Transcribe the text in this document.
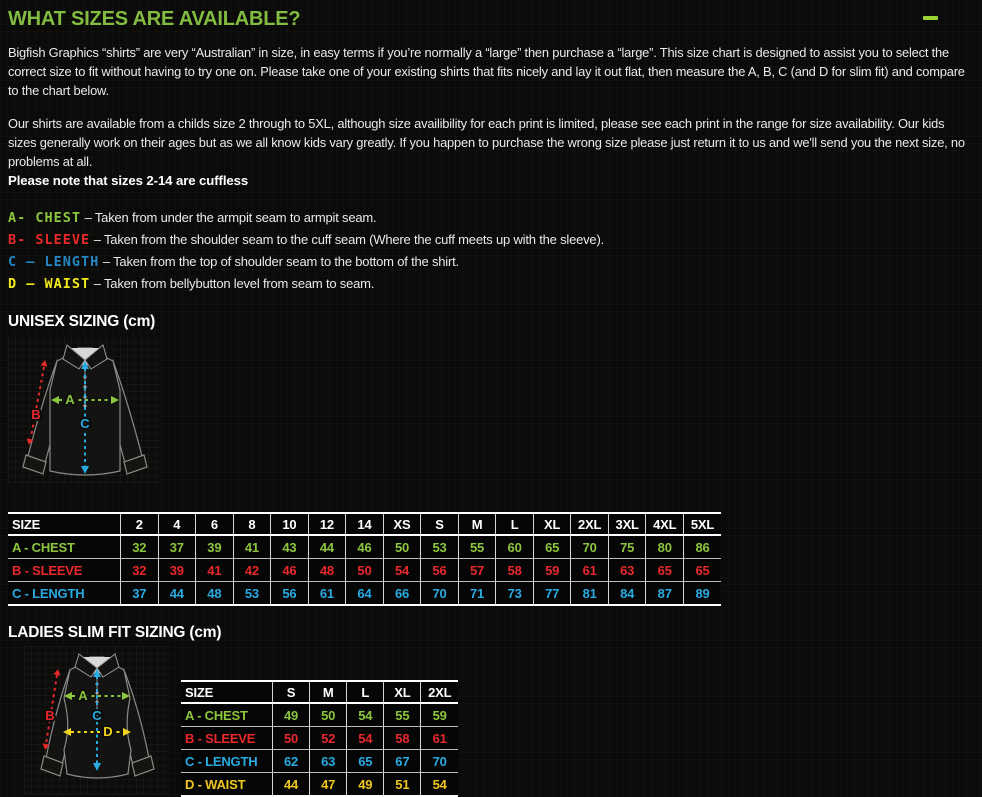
WHAT SIZES ARE AVAILABLE?

Bigfish Graphics “shirts” are very “Australian” in size, in easy terms if you’re normally a “large” then purchase a “large”. This size chart is designed to assist you to select the correct size to fit without having to try one on. Please take one of your existing shirts that fits nicely and lay it out flat, then measure the A, B, C (and D for slim fit) and compare to the chart below.

Our shirts are available from a childs size 2 through to 5XL, although size availibility for each print is limited, please see each print in the range for size availability. Our kids sizes generally work on their ages but as we all know kids vary greatly. If you happen to purchase the wrong size please just return it to us and we'll send you the next size, no problems at all.

Please note that sizes 2-14 are cuffless

A- CHEST – Taken from under the armpit seam to armpit seam.
B- SLEEVE – Taken from the shoulder seam to the cuff seam (Where the cuff meets up with the sleeve).
C – LENGTH – Taken from the top of shoulder seam to the bottom of the shirt.
D – WAIST – Taken from bellybutton level from seam to seam.
UNISEX SIZING (cm)
A
B
C
SIZE	2	4	6	8	10	12	14	XS	S	M	L	XL	2XL	3XL	4XL	5XL
A - CHEST	32	37	39	41	43	44	46	50	53	55	60	65	70	75	80	86
B - SLEEVE	32	39	41	42	46	48	50	54	56	57	58	59	61	63	65	65
C - LENGTH	37	44	48	53	56	61	64	66	70	71	73	77	81	84	87	89
LADIES SLIM FIT SIZING (cm)
A
B	C
D
SIZE	S	M	L	XL	2XL
A - CHEST	49	50	54	55	59
B - SLEEVE	50	52	54	58	61
C - LENGTH	62	63	65	67	70
D - WAIST	44	47	49	51	54
